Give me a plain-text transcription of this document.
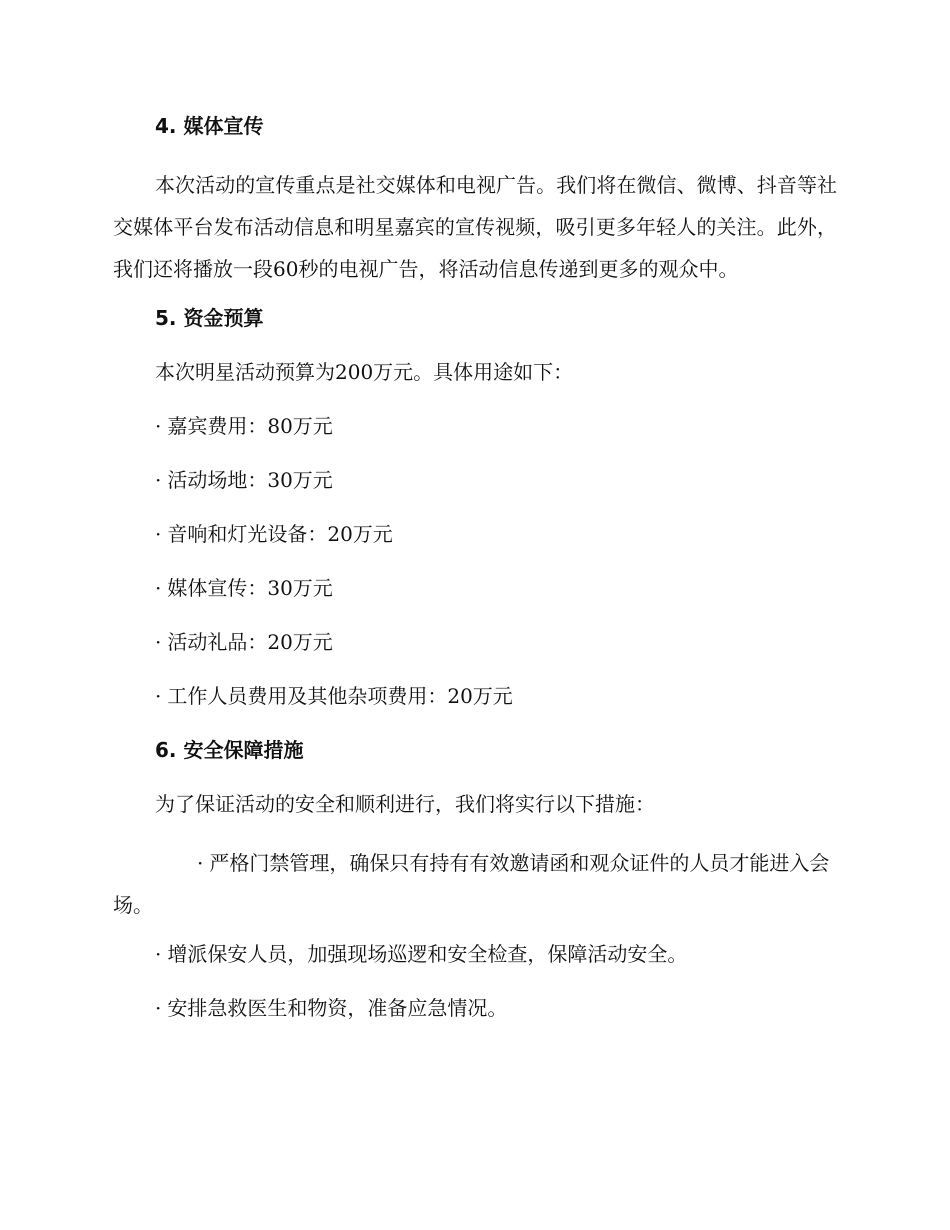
4. 媒体宣传
本次活动的宣传重点是社交媒体和电视广告。我们将在微信、微博、抖音等社交媒体平台发布活动信息和明星嘉宾的宣传视频，吸引更多年轻人的关注。此外，我们还将播放一段60秒的电视广告，将活动信息传递到更多的观众中。
5. 资金预算
本次明星活动预算为200万元。具体用途如下：
· 嘉宾费用：80万元
· 活动场地：30万元
· 音响和灯光设备：20万元
· 媒体宣传：30万元
· 活动礼品：20万元
· 工作人员费用及其他杂项费用：20万元
6. 安全保障措施
为了保证活动的安全和顺利进行，我们将实行以下措施：
· 严格门禁管理，确保只有持有有效邀请函和观众证件的人员才能进入会场。
· 增派保安人员，加强现场巡逻和安全检查，保障活动安全。
· 安排急救医生和物资，准备应急情况。
